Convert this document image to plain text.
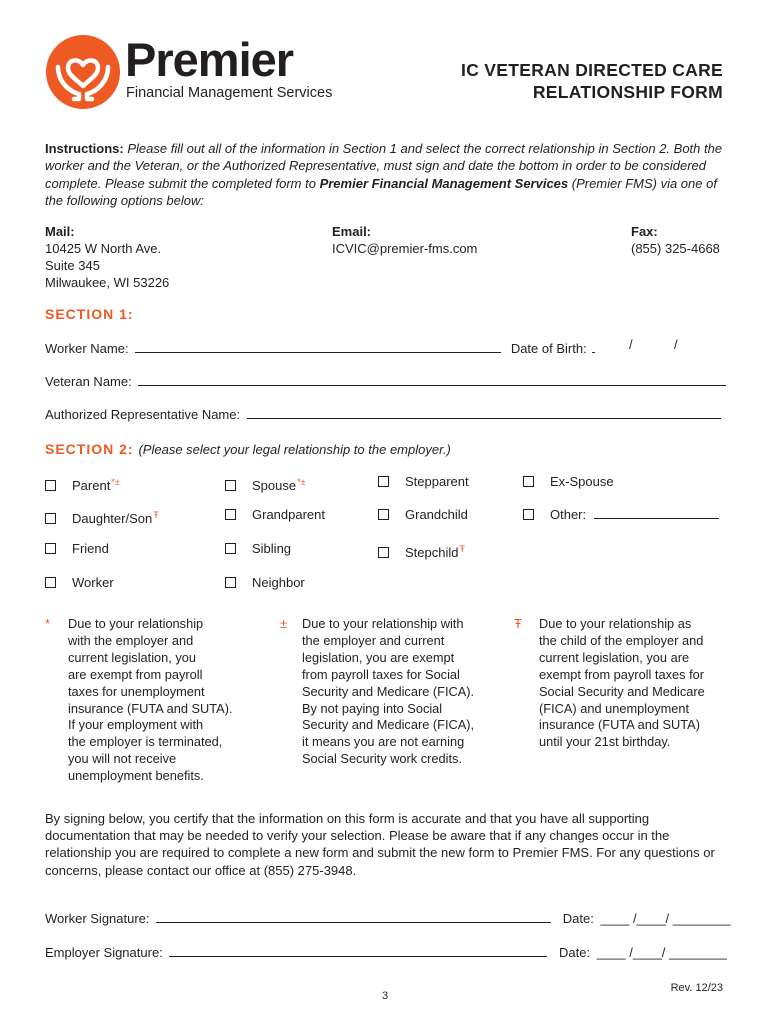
Premier
Financial Management Services
IC VETERAN DIRECTED CARE
RELATIONSHIP FORM
Instructions: Please fill out all of the information in Section 1 and select the correct relationship in Section 2. Both the worker and the Veteran, or the Authorized Representative, must sign and date the bottom in order to be considered complete. Please submit the completed form to Premier Financial Management Services (Premier FMS) via one of the following options below:
Mail:
10425 W North Ave.
Suite 345
Milwaukee, WI 53226
Email:
ICVIC@premier-fms.com
Fax:
(855) 325-4668
SECTION 1:
Worker Name:	Date of Birth:	/	/
Veteran Name:
Authorized Representative Name:
SECTION 2: (Please select your legal relationship to the employer.)
Parent*±	Spouse*±	Stepparent	Ex-Spouse
Daughter/Son$^Ŧ$	Grandparent	Grandchild	Other:
Friend	Sibling	Stepchild$^Ŧ$
Worker	Neighbor
* Due to your relationship
with the employer and
current legislation, you
are exempt from payroll
taxes for unemployment
insurance (FUTA and SUTA).
If your employment with
the employer is terminated,
you will not receive
unemployment benefits.
± Due to your relationship with
the employer and current
legislation, you are exempt
from payroll taxes for Social
Security and Medicare (FICA).
By not paying into Social
Security and Medicare (FICA),
it means you are not earning
Social Security work credits.
Ŧ Due to your relationship as
the child of the employer and
current legislation, you are
exempt from payroll taxes for
Social Security and Medicare
(FICA) and unemployment
insurance (FUTA and SUTA)
until your 21st birthday.
By signing below, you certify that the information on this form is accurate and that you have all supporting documentation that may be needed to verify your selection. Please be aware that if any changes occur in the relationship you are required to complete a new form and submit the new form to Premier FMS. For any questions or concerns, please contact our office at (855) 275-3948.
Worker Signature:	Date: ____ /____/ ________
Employer Signature:	Date: ____ /____/ ________
Rev. 12/23
3
